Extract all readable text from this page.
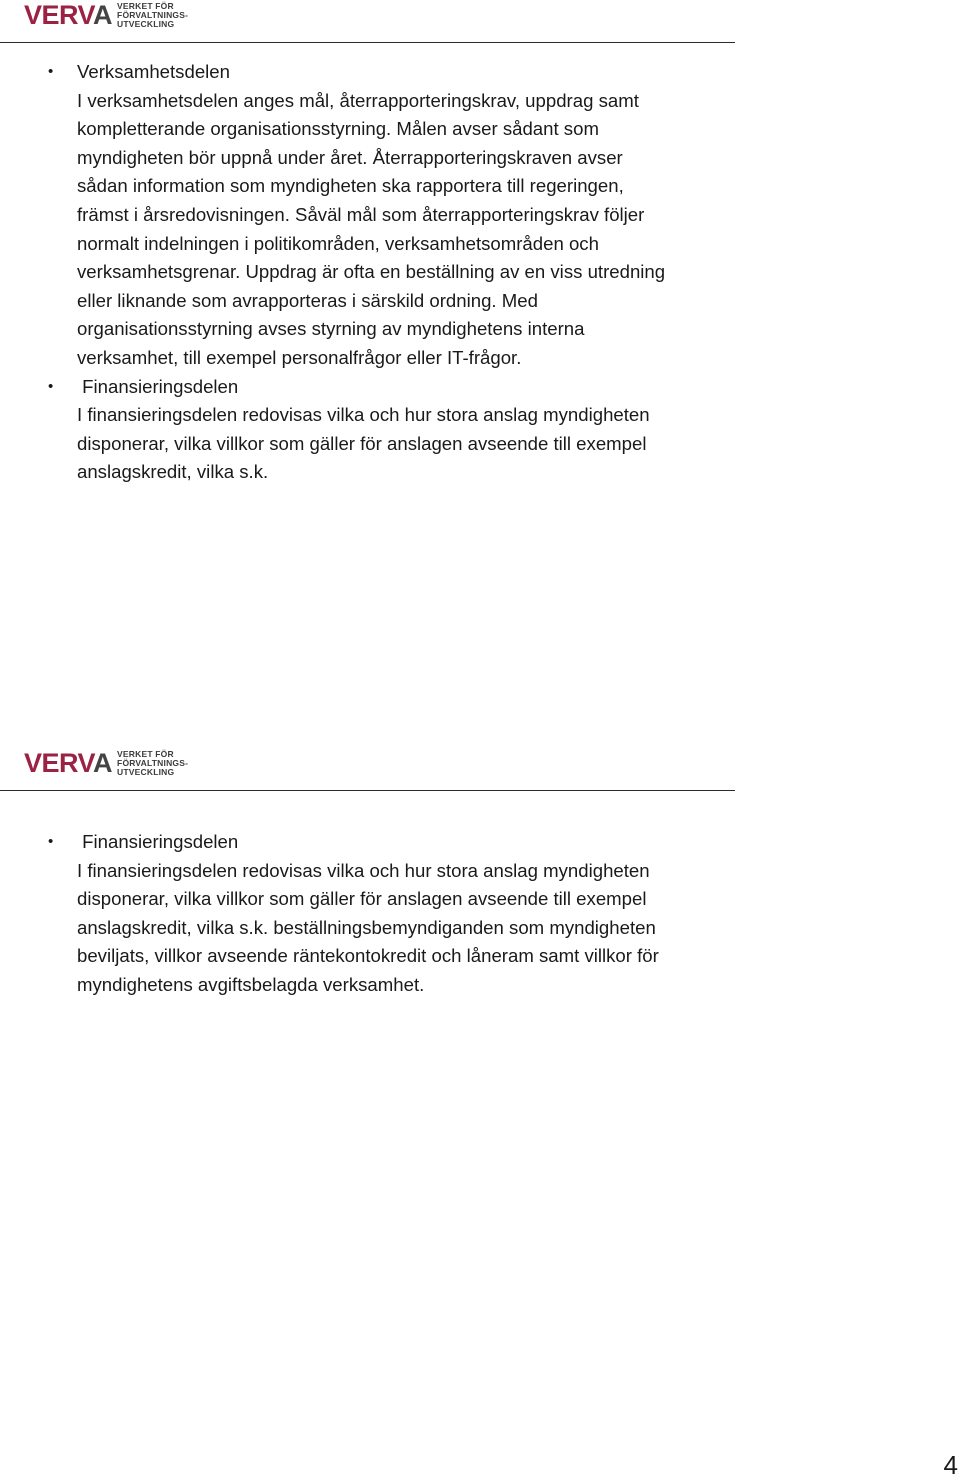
VERVA VERKET FÖR
FÖRVALTNINGS-
UTVECKLING
• Verksamhetsdelen
I verksamhetsdelen anges mål, återrapporteringskrav, uppdrag samt kompletterande organisationsstyrning. Målen avser sådant som myndigheten bör uppnå under året. Återrapporteringskraven avser sådan information som myndigheten ska rapportera till regeringen, främst i årsredovisningen. Såväl mål som återrapporteringskrav följer normalt indelningen i politikområden, verksamhetsområden och verksamhetsgrenar. Uppdrag är ofta en beställning av en viss utredning eller liknande som avrapporteras i särskild ordning. Med organisationsstyrning avses styrning av myndighetens interna verksamhet, till exempel personalfrågor eller IT-frågor.
• Finansieringsdelen
I finansieringsdelen redovisas vilka och hur stora anslag myndigheten disponerar, vilka villkor som gäller för anslagen avseende till exempel anslagskredit, vilka s.k.
VERVA VERKET FÖR
FÖRVALTNINGS-
UTVECKLING
• Finansieringsdelen
I finansieringsdelen redovisas vilka och hur stora anslag myndigheten disponerar, vilka villkor som gäller för anslagen avseende till exempel anslagskredit, vilka s.k. beställningsbemyndiganden som myndigheten beviljats, villkor avseende räntekontokredit och låneram samt villkor för myndighetens avgiftsbelagda verksamhet.
4
